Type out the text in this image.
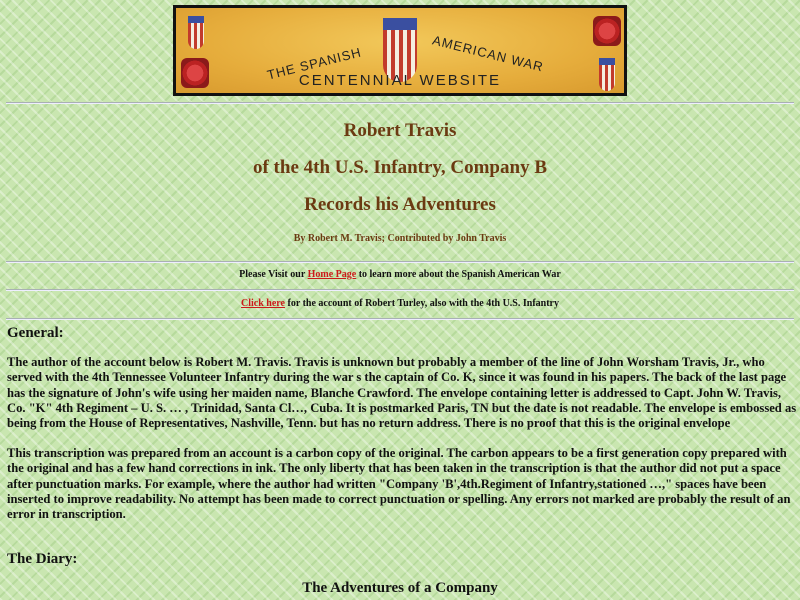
THE SPANISH	AMERICAN WAR
CENTENNIAL WEBSITE
Robert Travis
of the 4th U.S. Infantry, Company B
Records his Adventures
By Robert M. Travis; Contributed by John Travis
Please Visit our Home Page to learn more about the Spanish American War
Click here for the account of Robert Turley, also with the 4th U.S. Infantry
General:

The author of the account below is Robert M. Travis. Travis is unknown but probably a member of the line of John Worsham Travis, Jr., who served with the 4th Tennessee Volunteer Infantry during the war s the captain of Co. K, since it was found in his papers. The back of the last page has the signature of John's wife using her maiden name, Blanche Crawford. The envelope containing letter is addressed to Capt. John W. Travis, Co. "K" 4th Regiment – U. S. … , Trinidad, Santa Cl…, Cuba. It is postmarked Paris, TN but the date is not readable. The envelope is embossed as being from the House of Representatives, Nashville, Tenn. but has no return address. There is no proof that this is the original envelope

This transcription was prepared from an account is a carbon copy of the original. The carbon appears to be a first generation copy prepared with the original and has a few hand corrections in ink. The only liberty that has been taken in the transcription is that the author did not put a space after punctuation marks. For example, where the author had written "Company 'B',4th.Regiment of Infantry,stationed …," spaces have been inserted to improve readability. No attempt has been made to correct punctuation or spelling. Any errors not marked are probably the result of an error in transcription.

The Diary:
The Adventures of a Company
